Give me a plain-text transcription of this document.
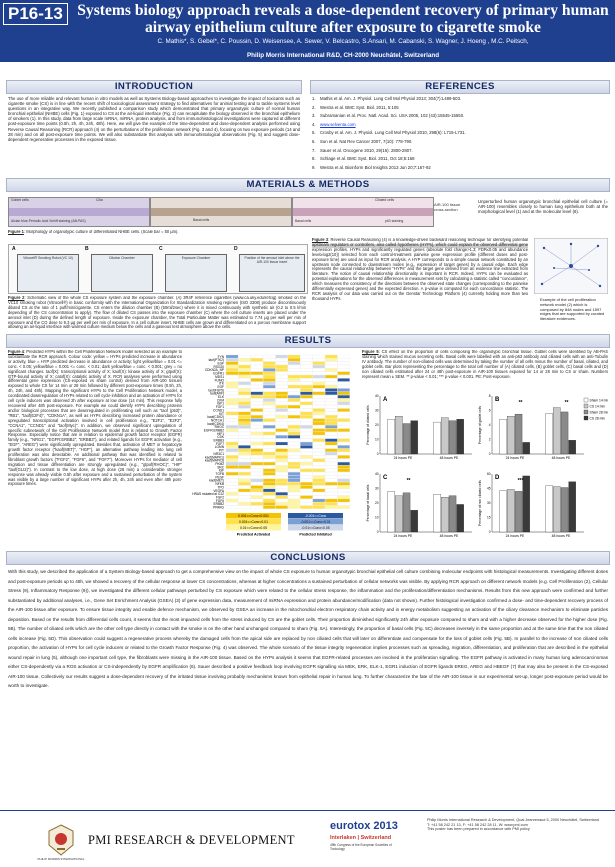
P16-13 Systems biology approach reveals a dose-dependent recovery of primary human airway epithelium culture after exposure to cigarette smoke
C. Mathis*, S. Gebel*, C. Poussin, D. Weisensee, A. Sewer, V. Belcastro, S.Ansari, M. Cabanski, S. Wagner, J. Hoeng , M.C. Peitsch,
Philip Morris International R&D, CH-2000 Neuchâtel, Switzerland
INTRODUCTION
The use of more reliable and relevant human in vitro models as well as Systems Biology-based approaches to investigate the impact of toxicants such as cigarette smoke (CS) is in line with the recent shift of toxicological assessment strategy to find alternatives for animal testing and to tackle systems level questions in an integrative way. We recently published a comparison study which demonstrated that primary organotypic culture of normal human bronchial epithelial (NHBE) cells (Fig. 1) exposed to CS at the air-liquid interface (Fig. 2) can recapitulate the biology observed in the bronchial epithelium of smokers (1). In this study, data from large scale mRNA, miRNA, protein analysis, and from immunohistological investigations were captured at different post-exposure time points (0.5h, 2h, 4h, 24h, 48h). Here, we will give the example of the time-dependent and dose-dependent analysis performed using Reverse Causal Reasoning (RCR) approach (4) on the perturbations of the proliferation network (Fig. 3 and 4), focusing on two exposure periods (14 and 28 min) and on all post-exposure time points. We will also substantiate this analysis with immunohistological observations (Fig. 5) and suggest dose-dependent regenerative processes in the exposed tissue.
REFERENCES
1.	Mathis et al. Am. J. Physiol. Lung Cell Mol Physiol 2013; 304(7):L489-503.
2.	Westra et al. BMC Syst. Biol. 2011, 5:105
3.	Subramanian et al. Proc. Natl. Acad. Sci. USA 2005, 102 (43):15545-15550.
4.	www.selventa.com
5.	Crosby et al. Am. J. Physiol. Lung Cell Mol Physiol 2010, 298(6): L715-L731.
6.	Sun et al. Nat Rev Cancer 2007, 7(10): 778-790.
7.	Sauer et al. Oncogene 2010, 29(16): 2800-2807.
8.	Schlage et al. BMC Syst. Biol. 2011, Oct 18;5:168
9.	Westra et al. Bioinform Biol Insights 2013 Jun 20;7:167-92
MATERIALS & METHODS
Goblet cells	Cilia
Alcian blue-Periodic Acid Schiff staining (AB-PAS)	Basal cells
Ciliated cells
Basal cells	p63 staining
AIR-100 tissue cross-section
Unperturbed human organotypic bronchial epithelial cell culture (= AIR-100) resembles closely to human lung epithelium both at the morphological level (1) and at the molecular level (8).
Figure 1: Morphology of organotypic culture of differentiated NHBE cells. (Scale bar = 50 µm).
A	B	C	D
Vitrocell® Smoking Robot (VC 10)	Dilution Chamber	Exposure Chamber	Position of the aerosol inlet above the AIR-100 tissue insert
Figure 2: Schematic view of the whole CS exposure system and the exposure chamber. (A) 3R4F reference cigarettes (www.ca.uky.edu/refcig) smoked on the VC10 smoking robot (Vitrocell®) in basic conformity with the International Organization for Standardization smoking regimen (ISO 3308) produce discontinuously diluted CS at the rate of 1 puff/min/cigarette. CS enters the dilution chamber (B) (50ml/2sec) where it is mixed continuously with synthetic air (0.2 to 0.5 l/min depending of the CS concentration to apply). The flow of diluted CS passes into the exposure chamber (C) where the cell culture inserts are placed under the aerosol inlet (D) during the defined length of exposure. Inside the exposure chamber, the Total Particulate Matter was estimated to 7.74 µg per well per min of exposure and the CO dose to 9.3 µg per well per min of exposure. In a cell culture insert, NHBE cells are grown and differentiated on a porous membrane support allowing an air-liquid interface with warmed culture medium below the cells and a gaseous test atmosphere above the cells.
Figure 3: Reverse Causal Reasoning (4) is a knowledge-driven backward reasoning technique for identifying potential upstream regulators or controllers, also called hypotheses (HYPs), which could explain the observed differential gene expression profiles. HYPs and significantly regulated genes (absolute fold change>1.3; FDR≤0.05 and abundance level≥log2(10)) selected from each control-treatment pairwise gene expression profile (different doses and post-exposure time) are used as input for RCR analysis. A HYP corresponds to a simple causal network constituted by an upstream node connected to downstream nodes (e.g., expression of target genes) by a causal edge. Each edge represents the causal relationship between "HYPs" and the target gene derived from an evidence line extracted from literature. The notion of causal relationship directionality is important in RCR. Indeed, HYPs can be evaluated as potential explanations for the observed differences in measurement sets by calculating a statistic called "concordance", which measures the consistency of the directions between the observed state changes (corresponding to the pairwise differentially expressed genes) and the expected direction. A p-value is computed for each concordance statistic. The RCR analysis of our data was carried out on the Genstar Technology Platform (4) currently holding more than two thousand HYPs.	Example of the cell proliferation network model (2) which is composed by 848 nodes and 1597 edges that are supported by curated literature evidences.
RESULTS
Figure 4: Predicted HYPs within the Cell Proliferation Network model selected as an example to substantiate the RCR approach. Colour code: yellow = HYPs predicted increase in abundance or activity, blue = HYP predicted decrease in abundance or activity; light yellow/blue = 0.01 <= conc. < 0.05; yellow/blue = 0.001 <= conc. < 0.01; dark yellow/blue = conc. < 0.001; grey = no significant changes. taof(X): transcriptional activity of X; kaof(X): kinase activity of X; gtpof(X): GTP-bound activity of X; catof(X): catalytic activity of X. RCR analyses were performed using differential gene expression (CS-exposed vs sham control) derived from AIR-100 tissues exposed to whole CS for 14 min or 28 min followed by different post-exposure times (0.5h, 2h, 4h, 24h, and 48h). Mapping the significant HYPs to the Cell Proliferation Network model, a coordinated downregulation of HYPs related to cell cycle inhibition and an activation of HYPs for cell cycle inducers was observed 2h after exposure at low dose (14 min). This response fully recovered after 48h post-exposure. For example we could identify HYPs describing proteins and/or biological processes that are downregulated in proliferating cell such as "taof (p53)", "RB1", "taof(E2F4)", "CDKN1A", as well as HYPs describing increased protein abundance or upregulated transcriptional activation involved in cell proliferation e.g., "E2F1", "E2F2", "CCNA1", "CCND1" and "taof(Myc)". In addition, we observed significant upregulation of specific subnetwork of the Cell Proliferation Network model that is related to Growth Factor Response. Especially notice that are in relation to epidermal growth factor receptor (EGFR) family (e.g., "NRG1", "EGFR:ERBB2", "ERBB3"), and related ligands for EGFR activation (e.g., "EGF", "AREG") were significantly upregulated. Besides that, activation of MET or hepatocyte growth factor receptor ("kaof(MET)", "HGF"), an alternative pathway leading into lung cell proliferation was also detectable. An additional pathway that was identified is related to fibroblast growth factors ("FGF2", "FGF6", and "FGF7"). Moreover HYPs for mediator of cell migration and tissue differentiation are strongly upregulated (e.g., "gtpof(RHOC)", "HIF" "taof(GLI2)"). In contrast to the low dose, at high dose (28 min) a considerable stronger response was already visible 0.5h after exposure and a sustained perturbation of the system was visible by a large number of significant HYPs after 2h, 4h, 24h and even after 48h post-exposure times.
FYN
taof(PTK2)
EGF
RSG20
CDKN2A_NP
EGFR1
MDS1
FUMO
ITK
EGF
taof(FGF5)
taof(ARF)
ELK
CKM
IGF1
FGF1
CCND1
KIT
kaof(CDK2)
NOTCH1
kaof(CDK4)
RHOC
EGFR:ERBB2
HIF1
CDK
ERBB3
FGF7
LGMN
PIT
NR3C1
kaof(MAPK1)
kaof(MAPK3)
PKM2
SRC
IGF
TGFB
PEGF
kaof(MET)
NFKB
TPO
VEGFA
HRAS mutated at G12
FGF2
FGF6
ERBB2
PPARG
0.001<=Conc<0.001
0.001<=Conc<0.01
0.01<=Conc<0.05
-0.001<=Conc
-0.001<=Conc<0.01
-0.01<=Conc<0.05
Predicted Activated	Predicted Inhibited
Figure 5: CS effect on the proportion of cells composing the organotypic bronchial tissue. Goblet cells were identified by AB-PAS staining which stained mucus secreting cells. Basal cells were labelled with an anti-p63 antibody and ciliated cells with an anti-Tubulin IV antibody. The number of non-ciliated cells was determined by taking the number of all cells minus the number of basal, ciliated, and goblet cells. Bar plots representing the percentage to the total cell number of (A) ciliated cells, (B) goblet cells, (C) basal cells and (D) non ciliated cells estimated after 24 or 48h post-exposure in AIR-100 tissues exposed for 14 or 28 min to CS or sham. Numbers represent mean ± SEM. ** p-value < 0.01; *** p-value < 0.001. PE: Post-exposure.
A
Percentage of ciliated cells
0
10
20
30
40
24 hours PE	48 hours PE
B
Percentage of goblet cells
0
2
4
6
8
24 hours PE	48 hours PE
**	**
C
Percentage of basal cells
0
10
20
30
40
24 hours PE	48 hours PE
**	D
Percentage of non ciliated cells
0
15
30
45
60
24 hours PE	48 hours PE
***
Sham 14 min
CS 14 min
Sham 28 min
CS 28 min
CONCLUSIONS
With this study, we described the application of a System Biology-based approach to get a comprehensive view on the impact of whole CS exposure to human organotypic bronchial epithelial cell culture combining molecular endpoints with histological measurements. Investigating different doses and post-exposure periods up to 48h, we showed a recovery of the cellular response at lower CS concentrations, whereas at higher concentrations a sustained perturbation of cellular networks was visible. By applying RCR approach on different network models (e.g. Cell Proliferation (2), Cellular Stress (9), Inflammatory Response (9)), we investigated the different cellular pathways perturbed by CS exposure which were related to the cellular stress response, the inflammation and the proliferation/differentiation mechanisms. Results from this new approach were confirmed and further substantiated by additional analyses, i.e., Gene Set Enrichment Analysis (GSEA) (3) of gene expression data, measurement of miRNA expression and protein abundance/modification (data not shown). Further histological investigation confirmed a dose- and time-dependent recovery process of the AIR-100 tissue after exposure. To ensure tissue integrity and enable defence mechanism, we observed by GSEA an increase in the mitochondrial electron respiratory chain activity and in energy metabolism suggesting an activation of the ciliary clearance mechanism to eliminate particles deposition. Based on the results from differential cells count, it seems that the most impacted cells from the stress induced by CS are the goblet cells. Their proportion diminished significantly 24h after exposure compared to sham and with a higher decrease observed for the higher dose (Fig. 5B). The number of ciliated cells which are the other cell type directly in contact with the smoke is on the other hand unchanged compared to sham (Fig. 5A). Interestingly, the proportion of basal cells (Fig. 5C) decreases inversely in the same proportion and at the same time that the non ciliated cells increase (Fig. 5D). This observation could suggest a regenerative process whereby the damaged cells from the apical side are replaced by non ciliated cells that will later on differentiate and compensate for the loss of goblet cells (Fig. 5B). In parallel to the increase of non ciliated cells proportion, the activation of HYPs for cell cycle inducers or related to the Growth Factor Response (Fig. 4) was observed. The whole scenario of the tissue integrity regeneration implies processes such as spreading, migration, differentiation, and proliferation that are described in the epithelial wound repair in lung (5), although one important cell type, the fibroblasts were missing in the AIR-100 tissue. Based on the HYPs analysis it seems that EGFR-related processes are involved in the proliferation signalling. The EGFR pathway is activated in many human lung adenocarcinomas either CS-dependently via a ROS activation or CS-independently by EGFR amplification (6). Sauer described a positive feedback loop involving EGFR signalling via MEK, ERK, ELK-1, EGR1 induction of EGFR ligands EREG, AREG and HBEGF (7) that may also be present in the CS-exposed AIR-100 tissue. Collectively our results suggest a dose-dependent recovery of the irritated tissue involving probably mechanisms known from epithelial repair in human lung. To further characterize the fate of the AIR-100 tissue in our experimental set-up, longer post-exposure period would be worth to investigate.
PHILIP MORRIS INTERNATIONAL
PMI RESEARCH & DEVELOPMENT
eurotox 2013
Interlaken | Switzerland
49th Congress of the European Societies of Toxicology
Philip Morris International Research & Development, Quai Jeanrenaud 5, 2000 Neuchâtel, Switzerland
T: +41 58 242 21 13, F: +41 58 242 28 11, W: www.pmi.com
This poster has been prepared in accordance with PMI policy
